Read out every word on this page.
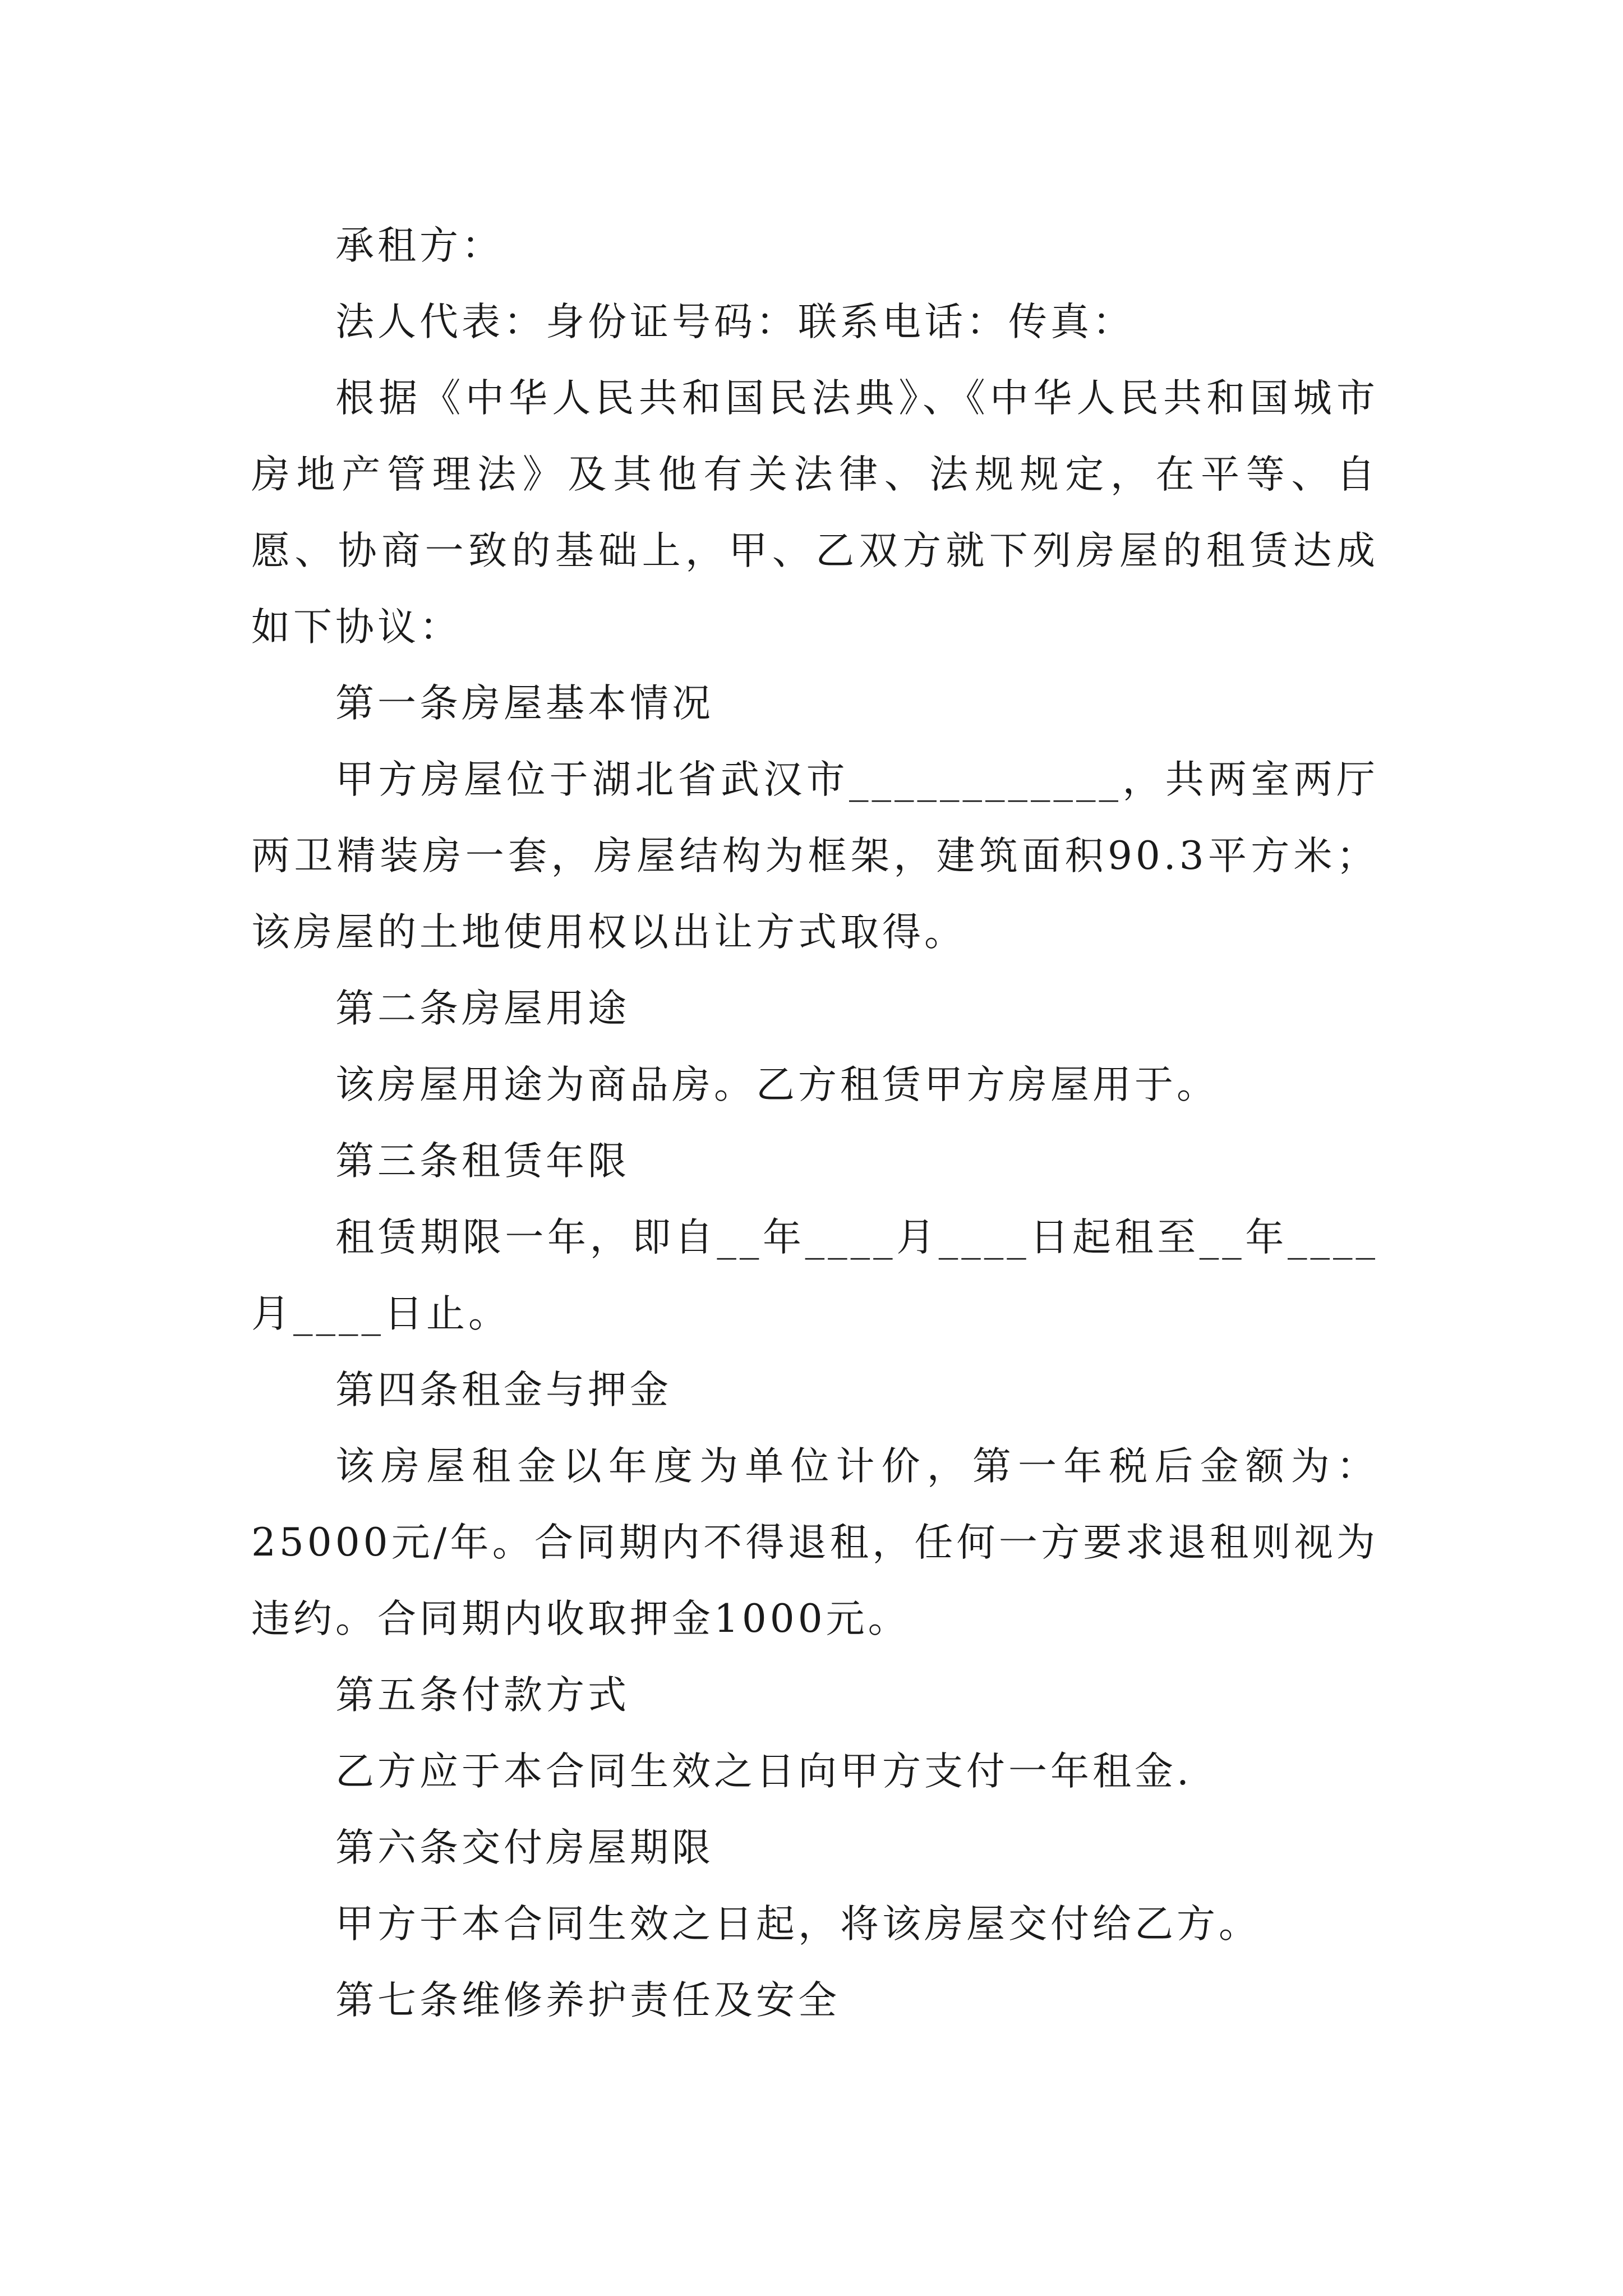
承租方：

法人代表：身份证号码：联系电话：传真：

根据《中华人民共和国民法典》、《中华人民共和国城市房地产管理法》及其他有关法律、法规规定，在平等、自愿、协商一致的基础上，甲、乙双方就下列房屋的租赁达成如下协议：

第一条房屋基本情况

甲方房屋位于湖北省武汉市____________，共两室两厅两卫精装房一套，房屋结构为框架，建筑面积90.3平方米；该房屋的土地使用权以出让方式取得。

第二条房屋用途

该房屋用途为商品房。乙方租赁甲方房屋用于。

第三条租赁年限

租赁期限一年，即自__年____月____日起租至__年____月____日止。

第四条租金与押金

该房屋租金以年度为单位计价，第一年税后金额为：25000元/年。合同期内不得退租，任何一方要求退租则视为违约。合同期内收取押金1000元。

第五条付款方式

乙方应于本合同生效之日向甲方支付一年租金.

第六条交付房屋期限

甲方于本合同生效之日起，将该房屋交付给乙方。

第七条维修养护责任及安全
